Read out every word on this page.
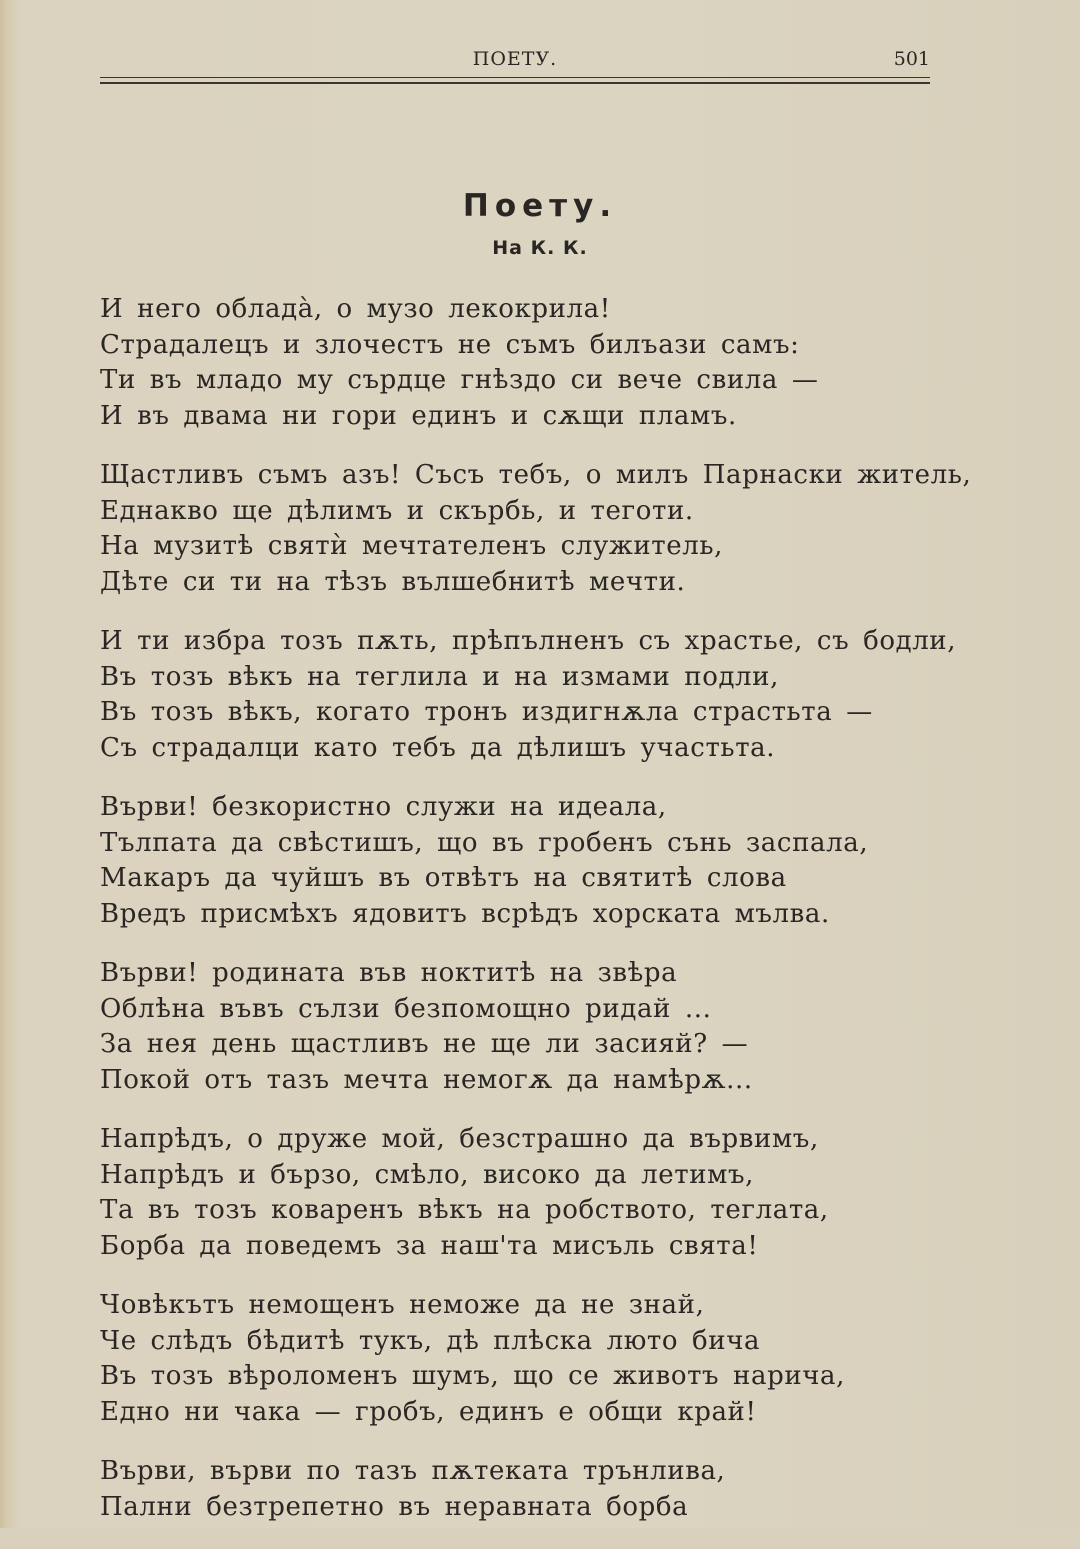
ПОЕТУ.	501
Поету.
На К. К.
И него обладà, о музо лекокрила!
Страдалецъ и злочестъ не съмъ билъази самъ:
Ти въ младо му сърдце гнѣздо си вече свила —
И въ двама ни гори единъ и сѫщи пламъ.
Щастливъ съмъ азъ! Съсъ тебъ, о милъ Парнаски житель,
Еднакво ще дѣлимъ и скърбь, и теготи.
На музитѣ святѝ мечтателенъ служитель,
Дѣте си ти на тѣзъ вълшебнитѣ мечти.
И ти избра тозъ пѫть, прѣпълненъ съ храстье, съ бодли,
Въ тозъ вѣкъ на теглила и на измами подли,
Въ тозъ вѣкъ, когато тронъ издигнѫла страстьта —
Съ страдалци като тебъ да дѣлишъ участьта.
Върви! безкористно служи на идеала,
Тълпата да свѣстишъ, що въ гробенъ сънь заспала,
Макаръ да чуйшъ въ отвѣтъ на святитѣ слова
Вредъ присмѣхъ ядовитъ всрѣдъ хорската мълва.
Върви! родината във ноктитѣ на звѣра
Облѣна въвъ сълзи безпомощно ридай ...
За нея день щастливъ не ще ли засияй? —
Покой отъ тазъ мечта немогѫ да намѣрѫ...
Напрѣдъ, о друже мой, безстрашно да вървимъ,
Напрѣдъ и бързо, смѣло, високо да летимъ,
Та въ тозъ коваренъ вѣкъ на робството, теглата,
Борба да поведемъ за наш'та мисъль свята!
Човѣкътъ немощенъ неможе да не знай,
Че слѣдъ бѣдитѣ тукъ, дѣ плѣска люто бича
Въ тозъ вѣроломенъ шумъ, що се животъ нарича,
Едно ни чака — гробъ, единъ е общи край!
Върви, върви по тазъ пѫтеката трънлива,
Пални безтрепетно въ неравната борба
